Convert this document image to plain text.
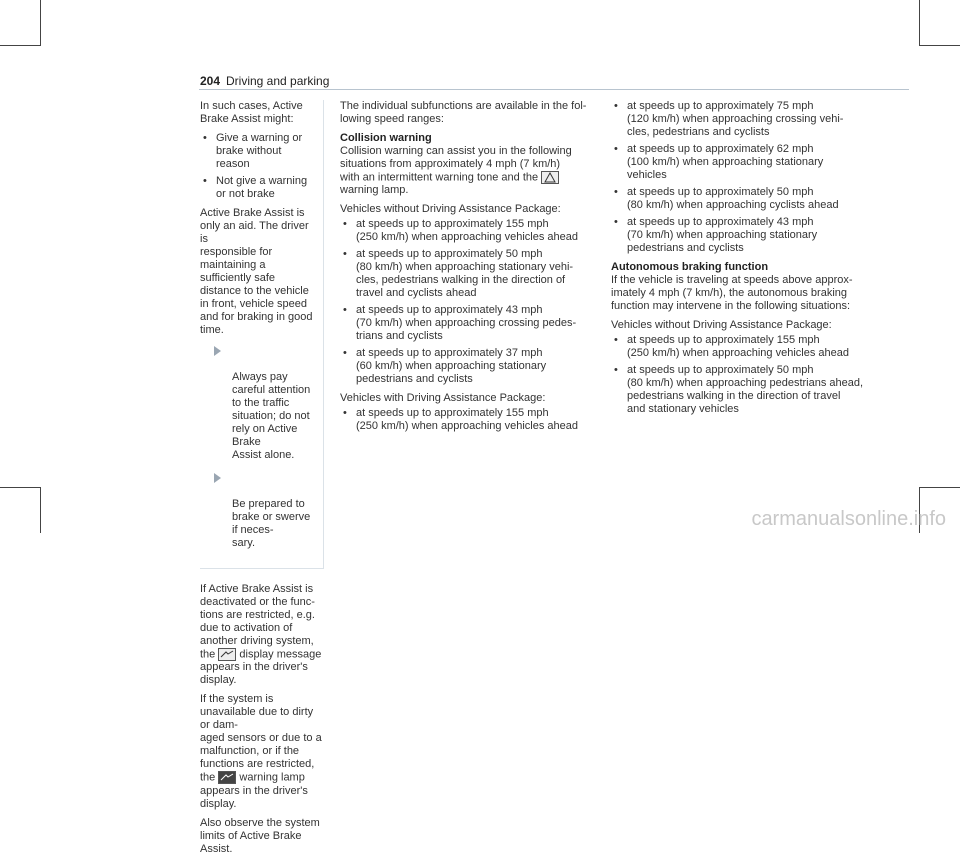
204 Driving and parking

In such cases, Active Brake Assist might:

• Give a warning or brake without reason
• Not give a warning or not brake

Active Brake Assist is only an aid. The driver is
responsible for maintaining a sufficiently safe
distance to the vehicle in front, vehicle speed
and for braking in good time.

Always pay careful attention to the traffic
situation; do not rely on Active Brake
Assist alone.

Be prepared to brake or swerve if neces-
sary.

If Active Brake Assist is deactivated or the func-
tions are restricted, e.g. due to activation of
another driving system, the display message
appears in the driver's display.

If the system is unavailable due to dirty or dam-
aged sensors or due to a malfunction, or if the
functions are restricted, the warning lamp
appears in the driver's display.

Also observe the system limits of Active Brake
Assist.

The individual subfunctions are available in the fol-
lowing speed ranges:

Collision warning

Collision warning can assist you in the following
situations from approximately 4 mph (7 km/h)
with an intermittent warning tone and the

warning lamp.

Vehicles without Driving Assistance Package:

• at speeds up to approximately 155 mph
(250 km/h) when approaching vehicles ahead
• at speeds up to approximately 50 mph
(80 km/h) when approaching stationary vehi-
cles, pedestrians walking in the direction of
travel and cyclists ahead
• at speeds up to approximately 43 mph
(70 km/h) when approaching crossing pedes-
trians and cyclists
• at speeds up to approximately 37 mph
(60 km/h) when approaching stationary
pedestrians and cyclists

Vehicles with Driving Assistance Package:

• at speeds up to approximately 155 mph
(250 km/h) when approaching vehicles ahead
• at speeds up to approximately 75 mph
(120 km/h) when approaching crossing vehi-
cles, pedestrians and cyclists
• at speeds up to approximately 62 mph
(100 km/h) when approaching stationary
vehicles
• at speeds up to approximately 50 mph
(80 km/h) when approaching cyclists ahead
• at speeds up to approximately 43 mph
(70 km/h) when approaching stationary
pedestrians and cyclists
Autonomous braking function

If the vehicle is traveling at speeds above approx-
imately 4 mph (7 km/h), the autonomous braking
function may intervene in the following situations:

Vehicles without Driving Assistance Package:

• at speeds up to approximately 155 mph
(250 km/h) when approaching vehicles ahead
• at speeds up to approximately 50 mph
(80 km/h) when approaching pedestrians ahead,
pedestrians walking in the direction of travel
and stationary vehicles
carmanualsonline.info
